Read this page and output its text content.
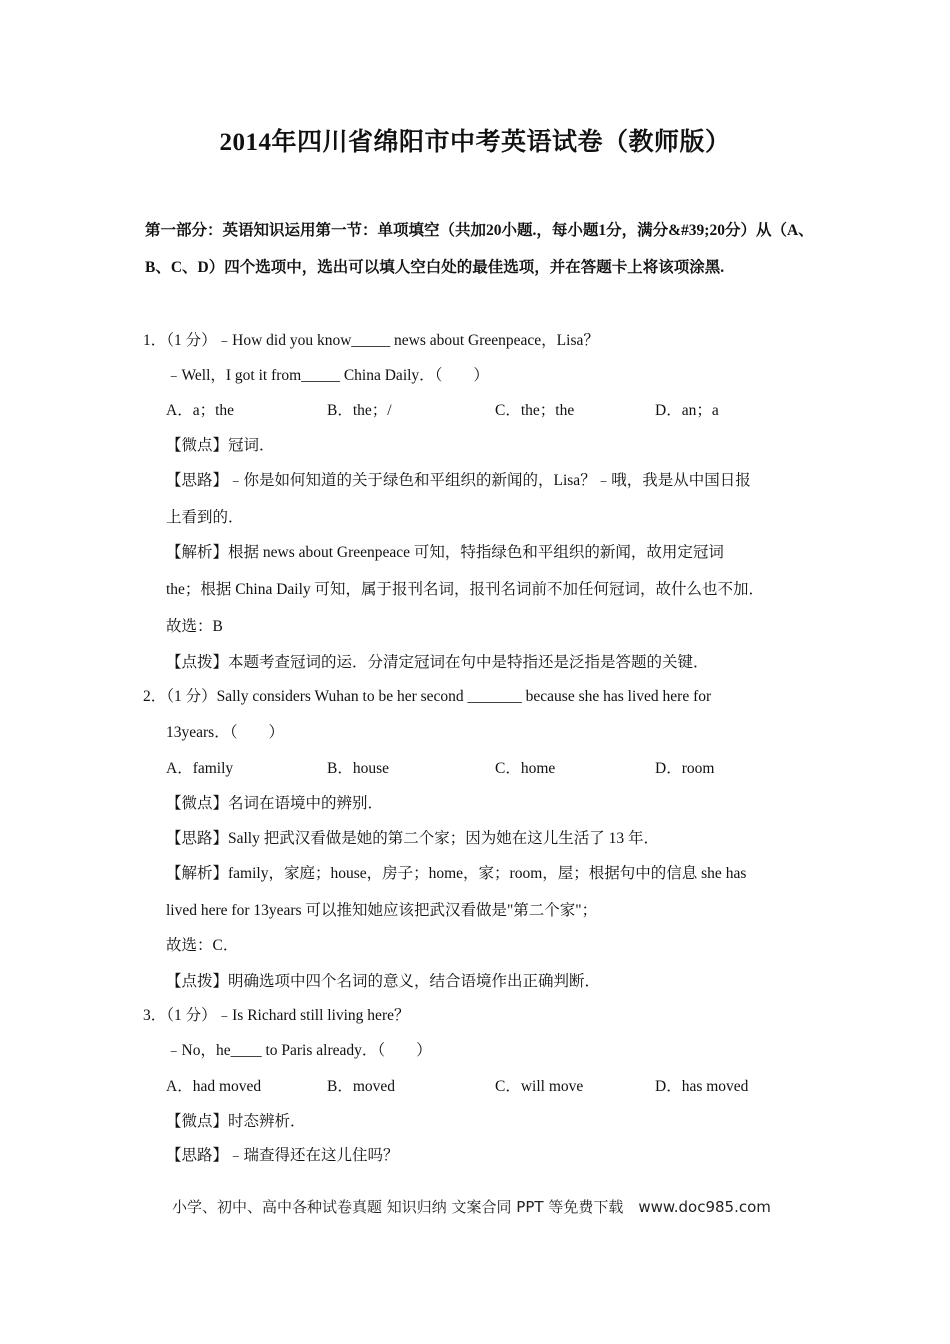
2014年四川省绵阳市中考英语试卷（教师版）
第一部分：英语知识运用第一节：单项填空（共加20小题.，每小题1分，满分&#39;20分）从（A、B、C、D）四个选项中，选出可以填人空白处的最佳选项，并在答题卡上将该项涂黑.
1．（1 分）﹣How did you know_____ news about Greenpeace，Lisa？
﹣Well，I got it from_____ China Daily．（　　）
A．a；the	B．the；/	C．the；the	D．an；a
【微点】冠词．
【思路】﹣你是如何知道的关于绿色和平组织的新闻的，Lisa？﹣哦，我是从中国日报
上看到的．
【解析】根据 news about Greenpeace 可知，特指绿色和平组织的新闻，故用定冠词
the；根据 China Daily 可知，属于报刊名词，报刊名词前不加任何冠词，故什么也不加．
故选：B
【点拨】本题考查冠词的运．分清定冠词在句中是特指还是泛指是答题的关键．
2．（1 分）Sally considers Wuhan to be her second _______ because she has lived here for
13years．（　　）
A．family	B．house	C．home	D．room
【微点】名词在语境中的辨别．
【思路】Sally 把武汉看做是她的第二个家；因为她在这儿生活了 13 年．
【解析】family，家庭；house，房子；home，家；room，屋；根据句中的信息 she has
lived here for 13years 可以推知她应该把武汉看做是"第二个家"；
故选：C．
【点拨】明确选项中四个名词的意义，结合语境作出正确判断．
3．（1 分）﹣Is Richard still living here？
﹣No，he____ to Paris already．（　　）
A．had moved	B．moved	C．will move	D．has moved
【微点】时态辨析．
【思路】﹣瑞查得还在这儿住吗？
小学、初中、高中各种试卷真题 知识归纳 文案合同 PPT 等免费下载　www.doc985.com
